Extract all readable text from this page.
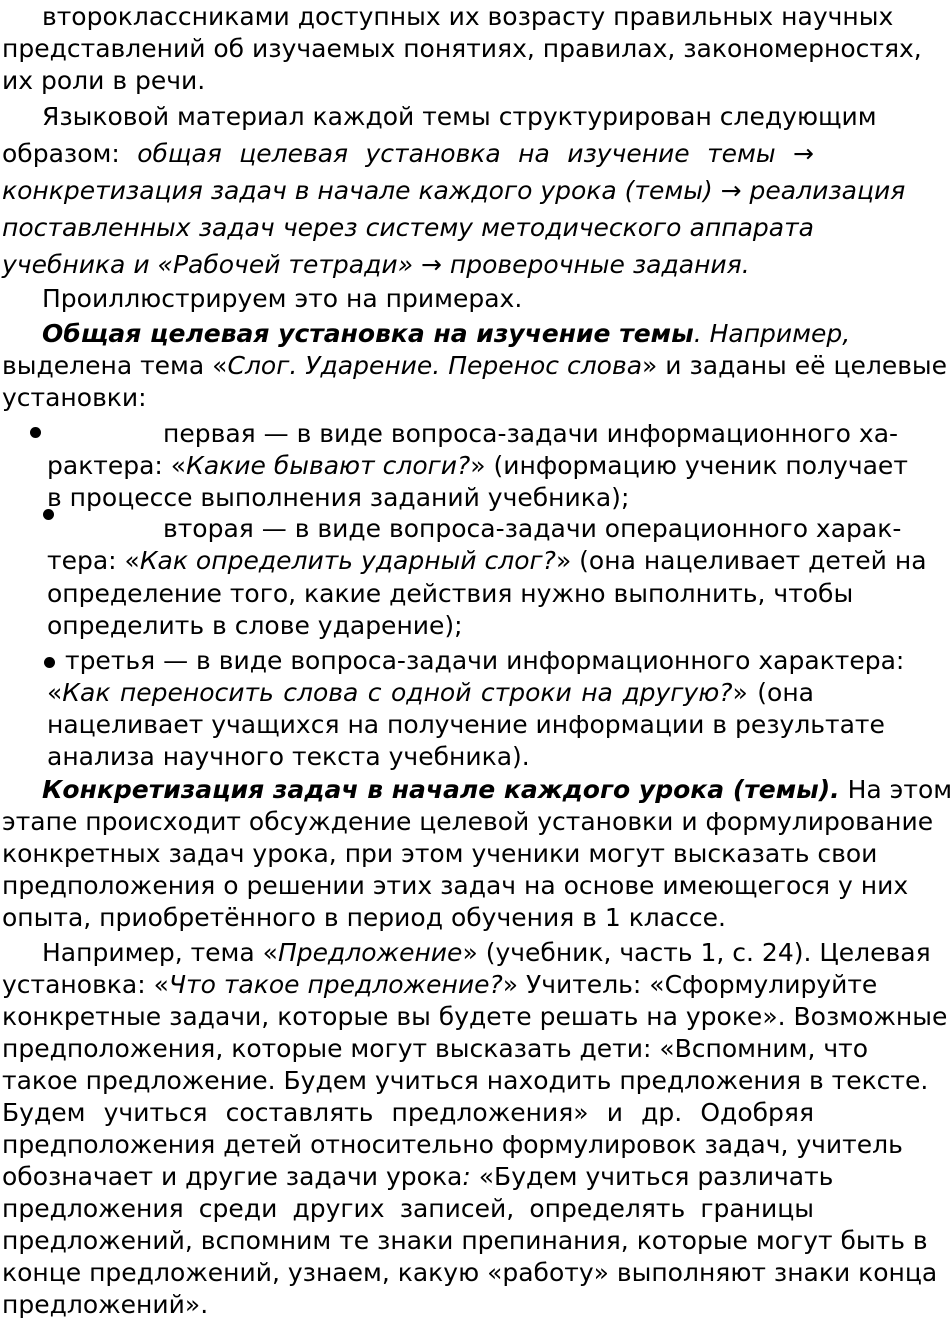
второклассниками доступных их возрасту правильных научных
представлений об изучаемых понятиях, правилах, закономерностях,
их роли в речи.
Языковой материал каждой темы структурирован следующим
образом: общая целевая установка на изучение темы →
конкретизация задач в начале каждого урока (темы) → реализация
поставленных задач через систему методического аппарата
учебника и «Рабочей тетради» → проверочные задания.
Проиллюстрируем это на примерах.
Общая целевая установка на изучение темы. Например,
выделена тема «Слог. Ударение. Перенос слова» и заданы её целевые
установки:
первая — в виде вопроса-задачи информационного ха-
рактера: «Какие бывают слоги?» (информацию ученик получает
в процессе выполнения заданий учебника);
вторая — в виде вопроса-задачи операционного харак-
тера: «Как определить ударный слог?» (она нацеливает детей на
определение того, какие действия нужно выполнить, чтобы
определить в слове ударение);
третья — в виде вопроса-задачи информационного характера:
«Как переносить слова с одной строки на другую?» (она
нацеливает учащихся на получение информации в результате
анализа научного текста учебника).
Конкретизация задач в начале каждого урока (темы). На этом
этапе происходит обсуждение целевой установки и формулирование
конкретных задач урока, при этом ученики могут высказать свои
предположения о решении этих задач на основе имеющегося у них
опыта, приобретённого в период обучения в 1 классе.
Например, тема «Предложение» (учебник, часть 1, с. 24). Целевая
установка: «Что такое предложение?» Учитель: «Сформулируйте
конкретные задачи, которые вы будете решать на уроке». Возможные
предположения, которые могут высказать дети: «Вспомним, что
такое предложение. Будем учиться находить предложения в тексте.
Будем учиться составлять предложения» и др. Одобряя
предположения детей относительно формулировок задач, учитель
обозначает и другие задачи урока: «Будем учиться различать
предложения среди других записей, определять границы
предложений, вспомним те знаки препинания, которые могут быть в
конце предложений, узнаем, какую «работу» выполняют знаки конца
предложений».
